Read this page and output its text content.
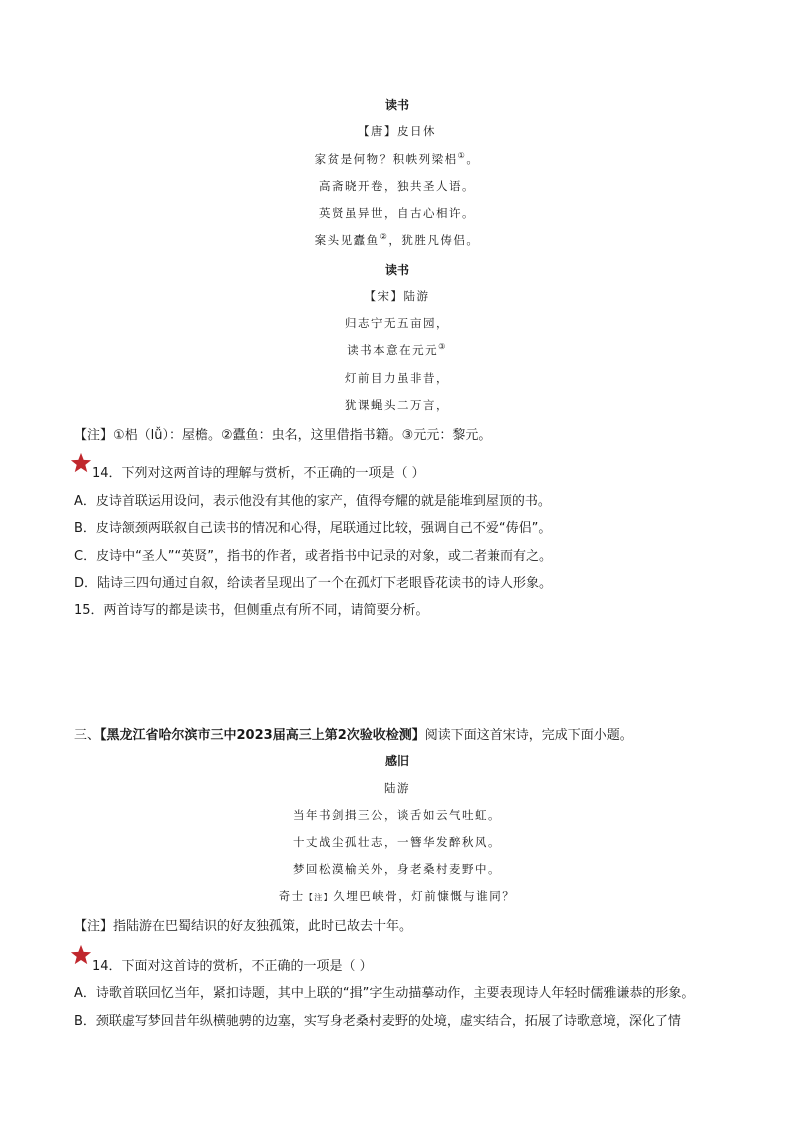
读书
【唐】皮日休
家贫是何物？积帙列梁梠①。
高斋晓开卷，独共圣人语。
英贤虽异世，自古心相许。
案头见蠹鱼②，犹胜凡俦侣。
读书
【宋】陆游
归志宁无五亩园，
读书本意在元元③
灯前目力虽非昔，
犹课蝇头二万言，
【注】①梠（lǚ）：屋檐。②蠹鱼：虫名，这里借指书籍。③元元：黎元。
14．下列对这两首诗的理解与赏析，不正确的一项是（ ）
A．皮诗首联运用设问，表示他没有其他的家产，值得夸耀的就是能堆到屋顶的书。
B．皮诗颔颈两联叙自己读书的情况和心得，尾联通过比较，强调自己不爱“俦侣”。
C．皮诗中“圣人”“英贤”，指书的作者，或者指书中记录的对象，或二者兼而有之。
D．陆诗三四句通过自叙，给读者呈现出了一个在孤灯下老眼昏花读书的诗人形象。
15．两首诗写的都是读书，但侧重点有所不同，请简要分析。
三、【黑龙江省哈尔滨市三中2023届高三上第2次验收检测】阅读下面这首宋诗，完成下面小题。
感旧
陆游
当年书剑揖三公，谈舌如云气吐虹。
十丈战尘孤壮志，一簪华发醉秋风。
梦回松漠榆关外，身老桑村麦野中。
奇士【注】久埋巴峡骨，灯前慷慨与谁同？
【注】指陆游在巴蜀结识的好友独孤策，此时已故去十年。
14．下面对这首诗的赏析，不正确的一项是（ ）
A．诗歌首联回忆当年，紧扣诗题，其中上联的“揖”字生动描摹动作，主要表现诗人年轻时儒雅谦恭的形象。
B．颈联虚写梦回昔年纵横驰骋的边塞，实写身老桑村麦野的处境，虚实结合，拓展了诗歌意境，深化了情
